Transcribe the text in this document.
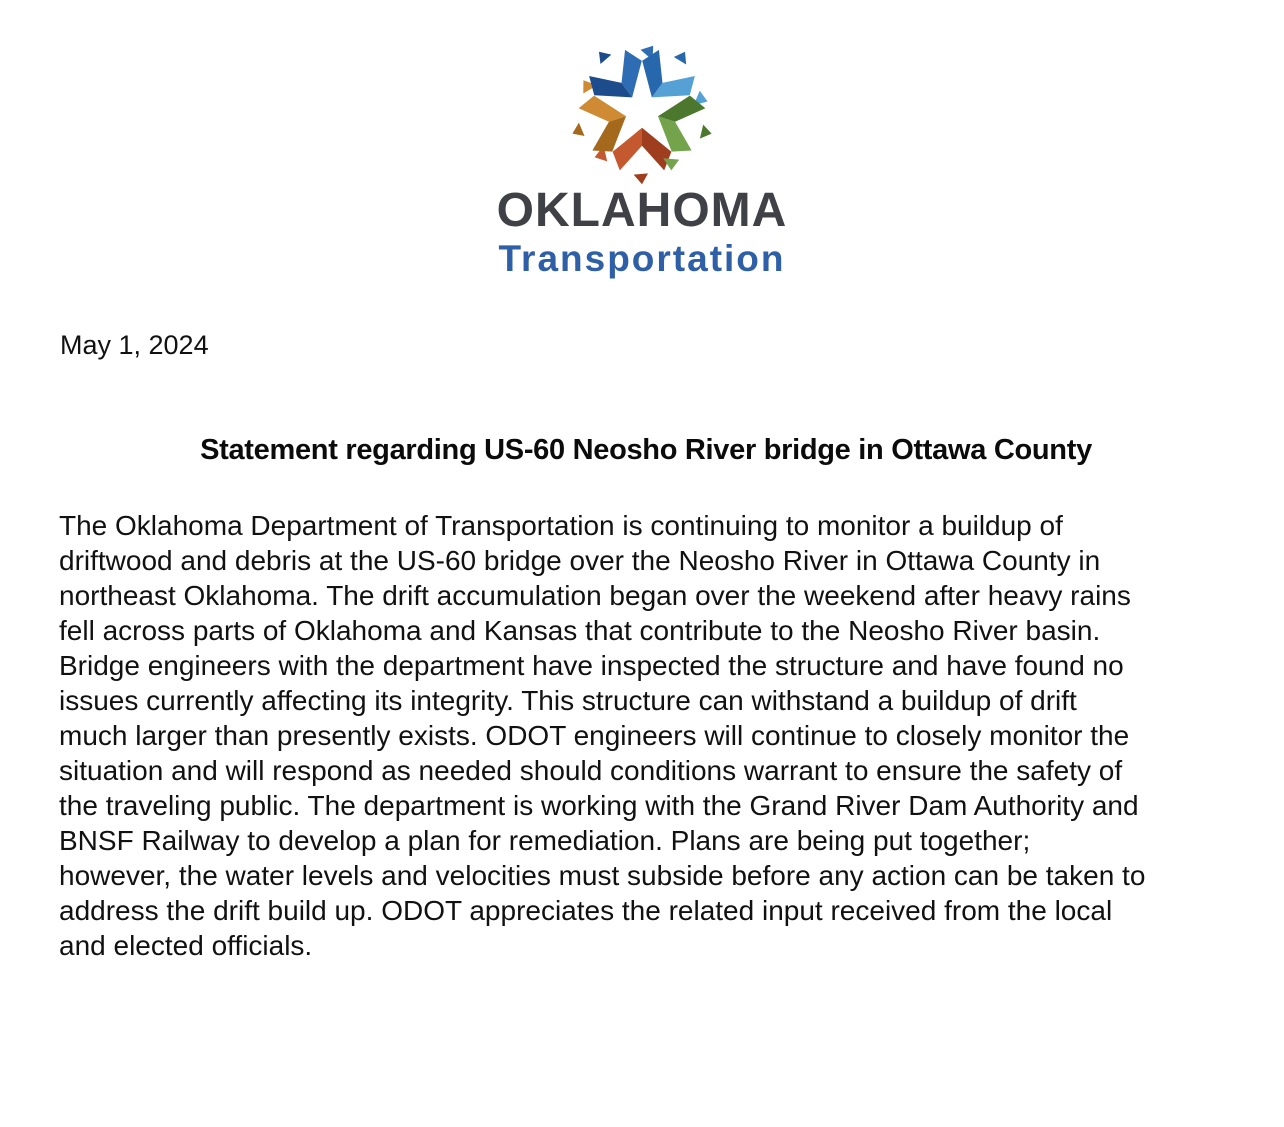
OKLAHOMA
Transportation
May 1, 2024
Statement regarding US-60 Neosho River bridge in Ottawa County
The Oklahoma Department of Transportation is continuing to monitor a buildup of
driftwood and debris at the US-60 bridge over the Neosho River in Ottawa County in
northeast Oklahoma. The drift accumulation began over the weekend after heavy rains
fell across parts of Oklahoma and Kansas that contribute to the Neosho River basin.
Bridge engineers with the department have inspected the structure and have found no
issues currently affecting its integrity. This structure can withstand a buildup of drift
much larger than presently exists. ODOT engineers will continue to closely monitor the
situation and will respond as needed should conditions warrant to ensure the safety of
the traveling public. The department is working with the Grand River Dam Authority and
BNSF Railway to develop a plan for remediation. Plans are being put together;
however, the water levels and velocities must subside before any action can be taken to
address the drift build up. ODOT appreciates the related input received from the local
and elected officials.
